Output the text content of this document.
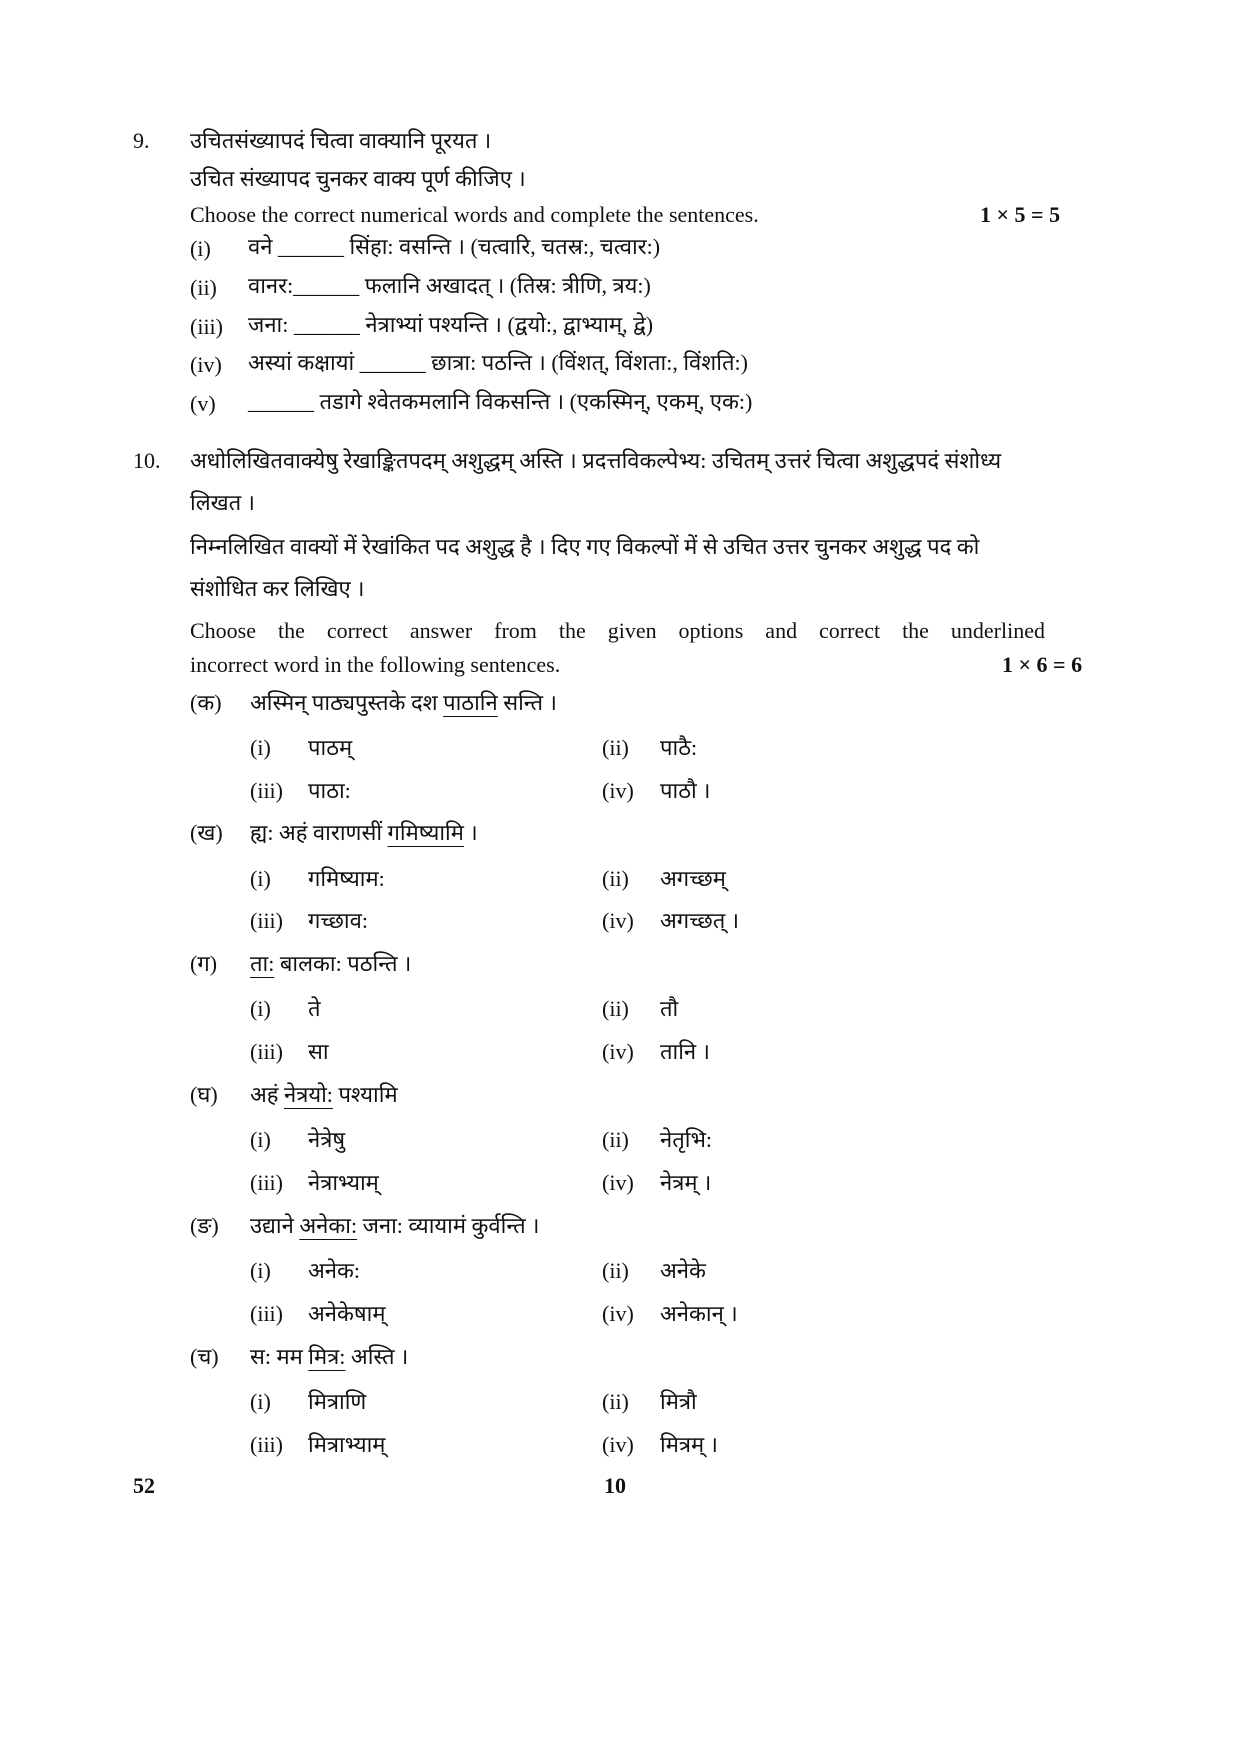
9. उचितसंख्यापदं चित्वा वाक्यानि पूरयत ।
उचित संख्यापद चुनकर वाक्य पूर्ण कीजिए ।
Choose the correct numerical words and complete the sentences.	1 × 5 = 5
(i)	वने ______ सिंहा: वसन्ति । (चत्वारि, चतस्र:, चत्वार:)
(ii)	वानर:______ फलानि अखादत् । (तिस्र: त्रीणि, त्रय:)
(iii)	जना: ______ नेत्राभ्यां पश्यन्ति । (द्वयो:, द्वाभ्याम्, द्वे)
(iv)	अस्यां कक्षायां ______ छात्रा: पठन्ति । (विंशत्, विंशता:, विंशति:)
(v)	______ तडागे श्वेतकमलानि विकसन्ति । (एकस्मिन्, एकम्, एक:)
10. अधोलिखितवाक्येषु रेखाङ्कितपदम् अशुद्धम् अस्ति । प्रदत्तविकल्पेभ्य: उचितम् उत्तरं चित्वा अशुद्धपदं संशोध्य
लिखत ।
निम्नलिखित वाक्यों में रेखांकित पद अशुद्ध है । दिए गए विकल्पों में से उचित उत्तर चुनकर अशुद्ध पद को
संशोधित कर लिखिए ।
Choose the correct answer from the given options and correct the underlined
incorrect word in the following sentences.	1 × 6 = 6
(क) अस्मिन् पाठ्यपुस्तके दश पाठानि सन्ति ।
(i) पाठम्	(ii) पाठै:
(iii) पाठा:	(iv) पाठौ ।
(ख) ह्य: अहं वाराणसीं गमिष्यामि ।
(i) गमिष्याम:	(ii) अगच्छम्
(iii) गच्छाव:	(iv) अगच्छत् ।
(ग) ता: बालका: पठन्ति ।
(i) ते	(ii) तौ
(iii) सा	(iv) तानि ।
(घ) अहं नेत्रयो: पश्यामि
(i) नेत्रेषु	(ii) नेतृभि:
(iii) नेत्राभ्याम्	(iv) नेत्रम् ।
(ङ) उद्याने अनेका: जना: व्यायामं कुर्वन्ति ।
(i) अनेक:	(ii) अनेके
(iii) अनेकेषाम्	(iv) अनेकान् ।
(च) स: मम मित्र: अस्ति ।
(i) मित्राणि	(ii) मित्रौ
(iii) मित्राभ्याम्	(iv) मित्रम् ।
52	10
